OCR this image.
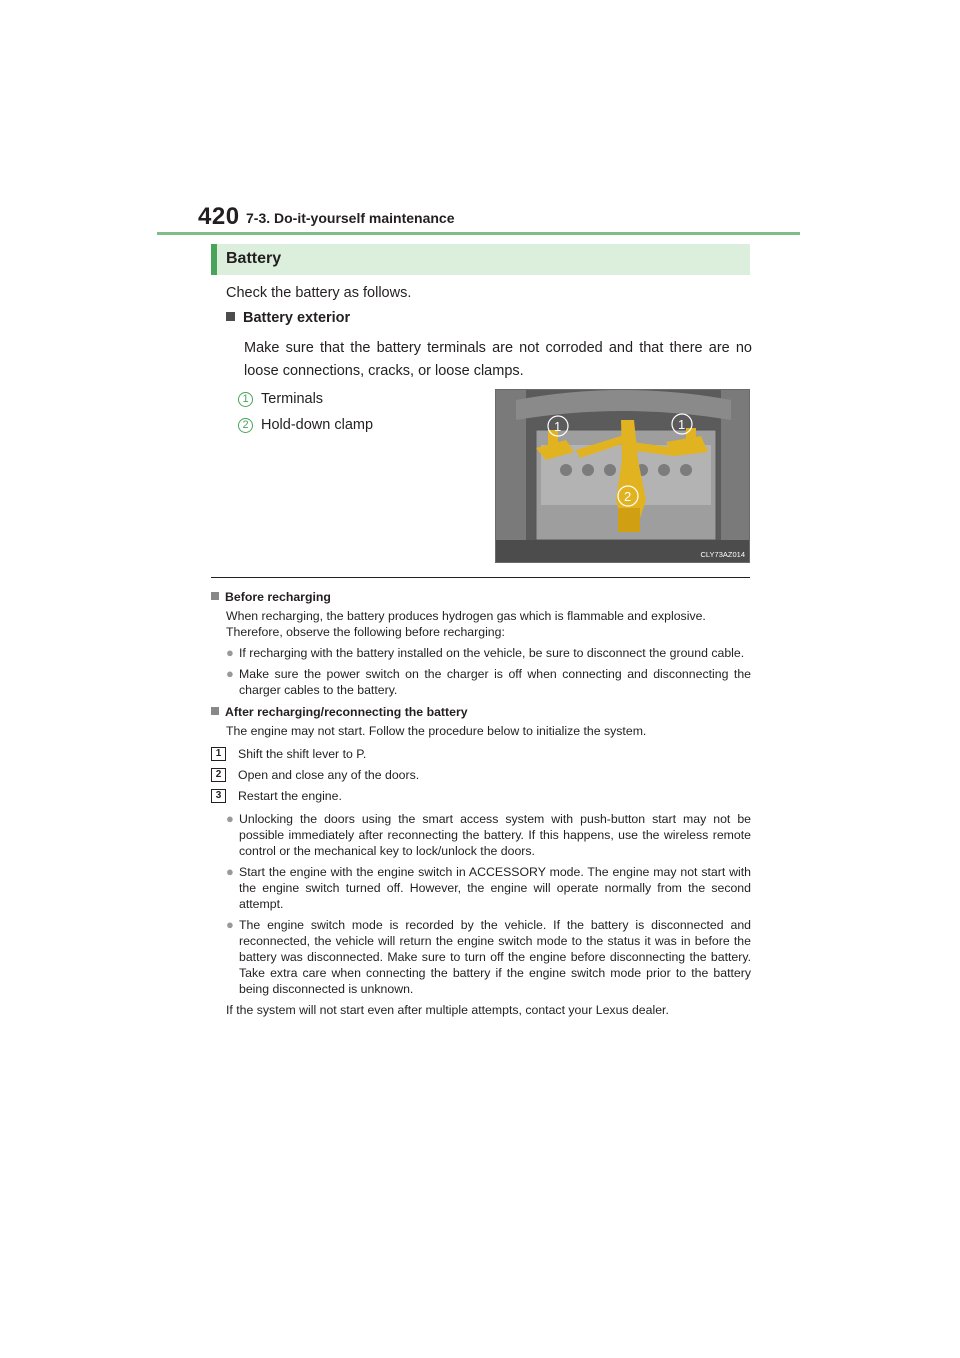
420 7-3. Do-it-yourself maintenance
Battery
Check the battery as follows.
Battery exterior
Make sure that the battery terminals are not corroded and that there are no loose connections, cracks, or loose clamps.
1 Terminals
2 Hold-down clamp	1	1
2
CLY73AZ014
Before recharging
When recharging, the battery produces hydrogen gas which is flammable and explosive. Therefore, observe the following before recharging:
● If recharging with the battery installed on the vehicle, be sure to disconnect the ground cable.
● Make sure the power switch on the charger is off when connecting and disconnecting the charger cables to the battery.
After recharging/reconnecting the battery
The engine may not start. Follow the procedure below to initialize the system.
1	Shift the shift lever to P.
2	Open and close any of the doors.
3	Restart the engine.
● Unlocking the doors using the smart access system with push-button start may not be possible immediately after reconnecting the battery. If this happens, use the wireless remote control or the mechanical key to lock/unlock the doors.
● Start the engine with the engine switch in ACCESSORY mode. The engine may not start with the engine switch turned off. However, the engine will operate normally from the second attempt.
● The engine switch mode is recorded by the vehicle. If the battery is disconnected and reconnected, the vehicle will return the engine switch mode to the status it was in before the battery was disconnected. Make sure to turn off the engine before disconnecting the battery. Take extra care when connecting the battery if the engine switch mode prior to the battery being disconnected is unknown.
If the system will not start even after multiple attempts, contact your Lexus dealer.
